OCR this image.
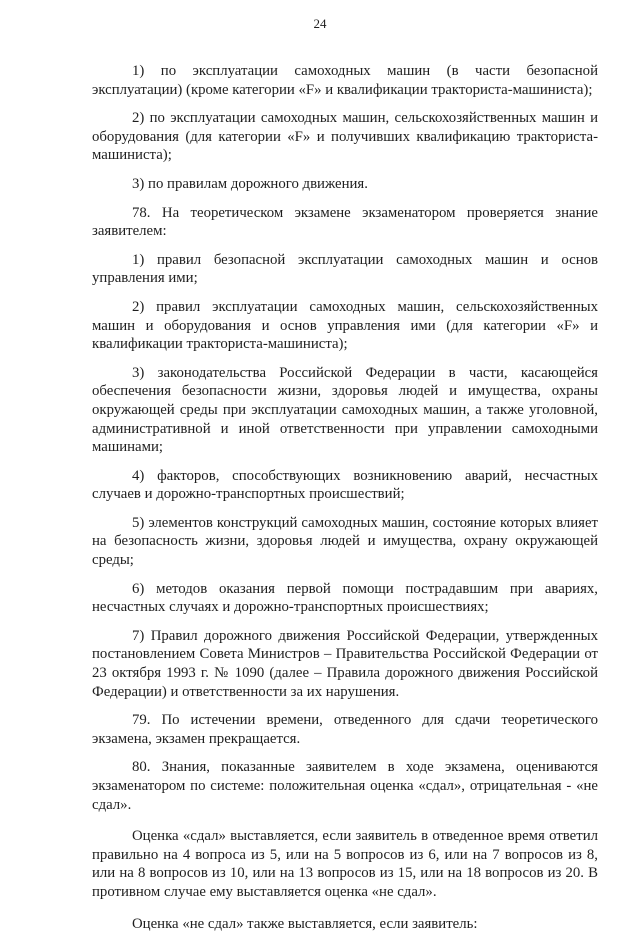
24

1) по эксплуатации самоходных машин (в части безопасной эксплуатации) (кроме категории «F» и квалификации тракториста-машиниста);

2) по эксплуатации самоходных машин, сельскохозяйственных машин и оборудования (для категории «F» и получивших квалификацию тракториста-машиниста);

3) по правилам дорожного движения.

78. На теоретическом экзамене экзаменатором проверяется знание заявителем:

1) правил безопасной эксплуатации самоходных машин и основ управления ими;

2) правил эксплуатации самоходных машин, сельскохозяйственных машин и оборудования и основ управления ими (для категории «F» и квалификации тракториста-машиниста);

3) законодательства Российской Федерации в части, касающейся обеспечения безопасности жизни, здоровья людей и имущества, охраны окружающей среды при эксплуатации самоходных машин, а также уголовной, административной и иной ответственности при управлении самоходными машинами;

4) факторов, способствующих возникновению аварий, несчастных случаев и дорожно-транспортных происшествий;

5) элементов конструкций самоходных машин, состояние которых влияет на безопасность жизни, здоровья людей и имущества, охрану окружающей среды;

6) методов оказания первой помощи пострадавшим при авариях, несчастных случаях и дорожно-транспортных происшествиях;

7) Правил дорожного движения Российской Федерации, утвержденных постановлением Совета Министров – Правительства Российской Федерации от 23 октября 1993 г. № 1090 (далее – Правила дорожного движения Российской Федерации) и ответственности за их нарушения.

79. По истечении времени, отведенного для сдачи теоретического экзамена, экзамен прекращается.

80. Знания, показанные заявителем в ходе экзамена, оцениваются экзаменатором по системе: положительная оценка «сдал», отрицательная - «не сдал».

Оценка «сдал» выставляется, если заявитель в отведенное время ответил правильно на 4 вопроса из 5, или на 5 вопросов из 6, или на 7 вопросов из 8, или на 8 вопросов из 10, или на 13 вопросов из 15, или на 18 вопросов из 20. В противном случае ему выставляется оценка «не сдал».

Оценка «не сдал» также выставляется, если заявитель:
